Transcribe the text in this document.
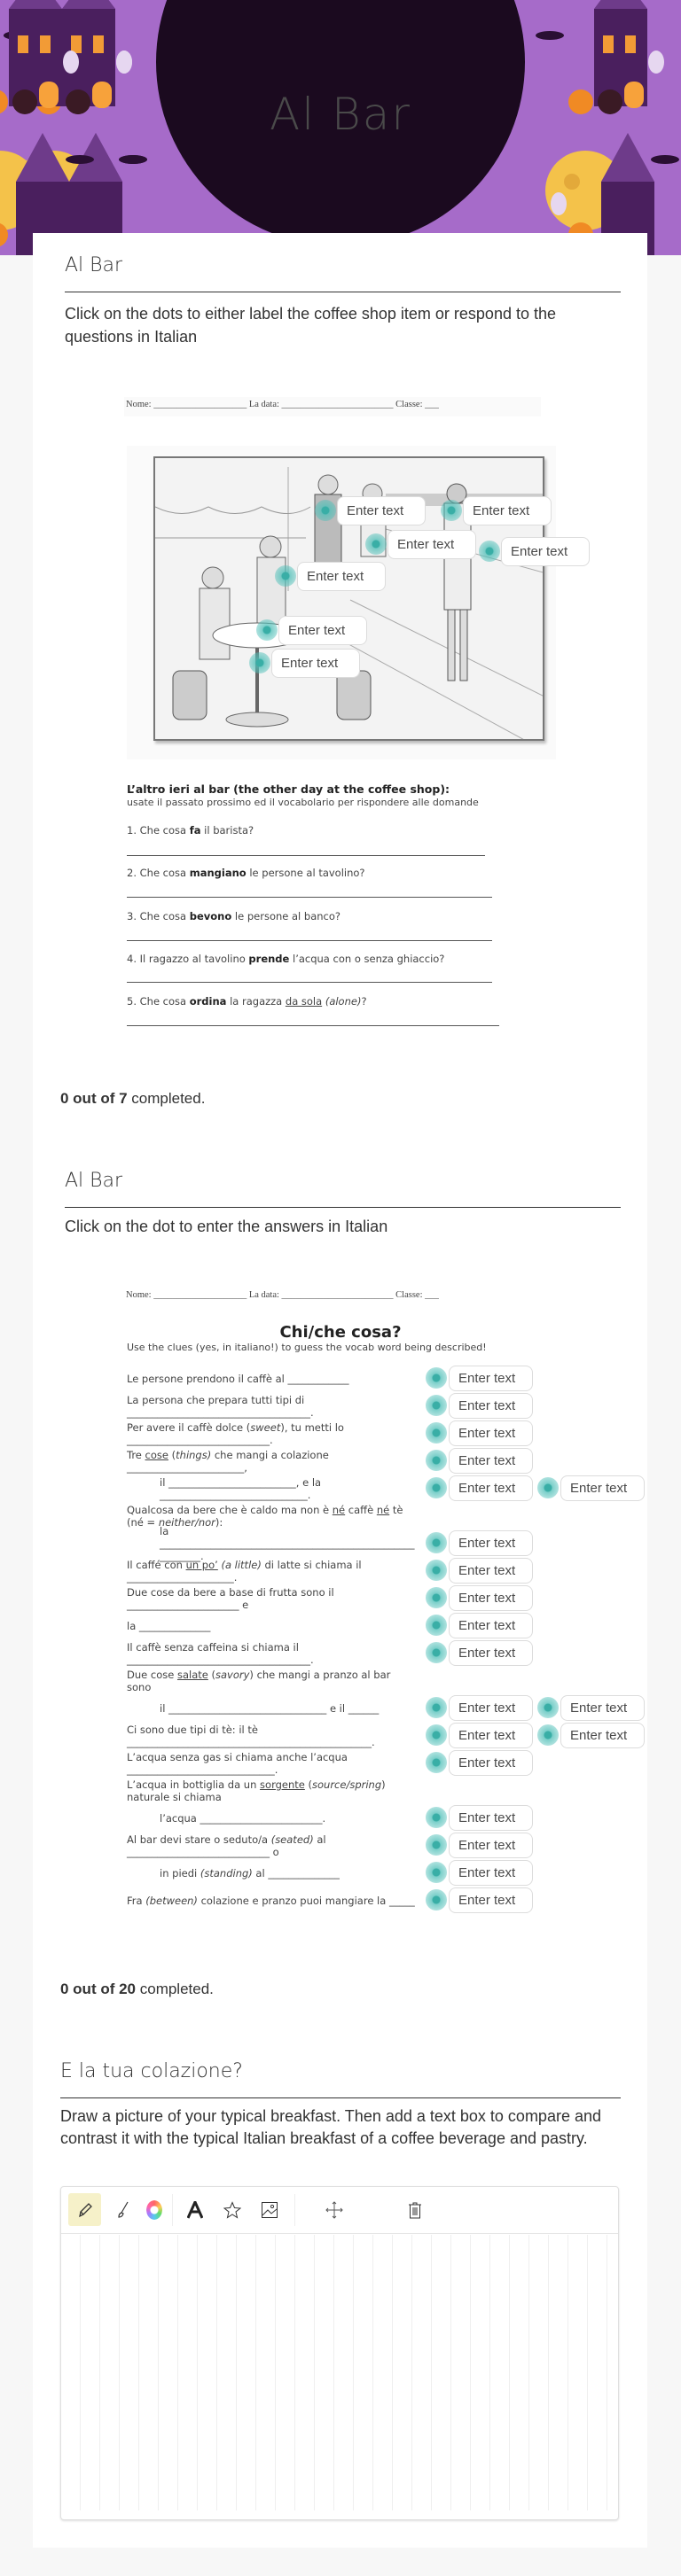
Al Bar
Al Bar
Click on the dots to either label the coffee shop item or respond to the questions in Italian
Nome: ____________________ La data: ________________________ Classe: ___
Enter text
Enter text
Enter text
Enter text
Enter text
Enter text
Enter text
L’altro ieri al bar (the other day at the coffee shop):
usate il passato prossimo ed il vocabolario per rispondere alle domande
1. Che cosa fa il barista?
2. Che cosa mangiano le persone al tavolino?
3. Che cosa bevono le persone al banco?
4. Il ragazzo al tavolino prende l’acqua con o senza ghiaccio?
5. Che cosa ordina la ragazza da sola (alone)?
0 out of 7 completed.
Al Bar
Click on the dot to enter the answers in Italian
Nome: ____________________ La data: ________________________ Classe: ___
Chi/che cosa?
Use the clues (yes, in italiano!) to guess the vocab word being described!
Le persone prendono il caffè al ____________
La persona che prepara tutti tipi di ____________________________________.
Per avere il caffè dolce (sweet), tu metti lo ____________________________.
Tre cose (things) che mangi a colazione _______________________,
il _________________________, e la _____________________________.
Qualcosa da bere che è caldo ma non è né caffè né tè (né = neither/nor):
la __________________________________________________________.
Il caffé con un po’ (a little) di latte si chiama il _____________________.
Due cose da bere a base di frutta sono il ______________________ e
la ______________
Il caffè senza caffeina si chiama il ____________________________________.
Due cose salate (savory) che mangi a pranzo al bar sono
il _______________________________ e il ______
Ci sono due tipi di tè: il tè ________________________________________________.
L’acqua senza gas si chiama anche l’acqua _____________________________.
L’acqua in bottiglia da un sorgente (source/spring) naturale si chiama
l’acqua ________________________.
Al bar devi stare o seduto/a (seated) al ____________________________ o
in piedi (standing) al ______________
Fra (between) colazione e pranzo puoi mangiare la _____
Enter text
Enter text
Enter text
Enter text
Enter text
Enter text
Enter text
Enter text
Enter text
Enter text
Enter text
Enter text
Enter text
Enter text
Enter text
Enter text
Enter text
Enter text
Enter text
Enter text
0 out of 20 completed.
E la tua colazione?
Draw a picture of your typical breakfast. Then add a text box to compare and contrast it with the typical Italian breakfast of a coffee beverage and pastry.
